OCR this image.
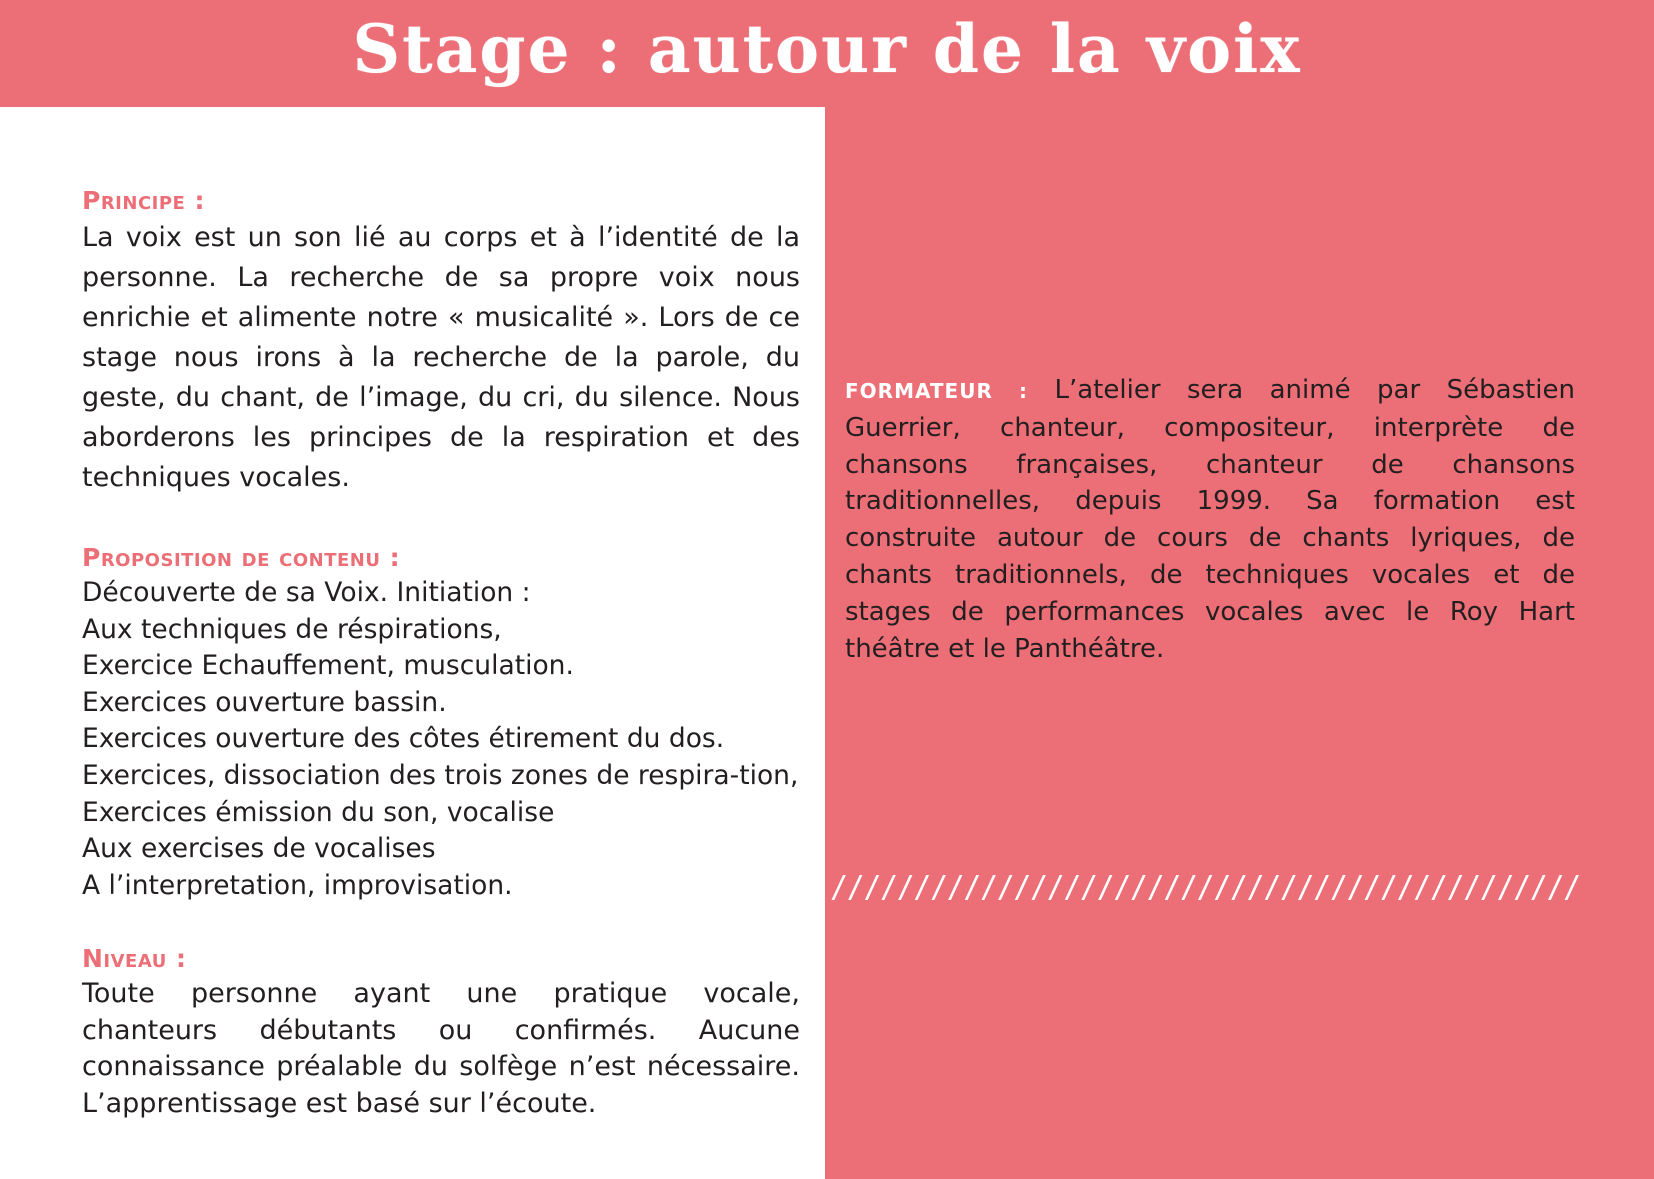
Stage : autour de la voix
Principe :

La voix est un son lié au corps et à l’identité de la personne. La recherche de sa propre voix nous enrichie et alimente notre « musicalité ». Lors de ce stage nous irons à la recherche de la parole, du geste, du chant, de l’image, du cri, du silence. Nous aborderons les principes de la respiration et des techniques vocales.

Proposition de contenu :
Découverte de sa Voix. Initiation :
Aux techniques de réspirations,
Exercice Echauffement, musculation.
Exercices ouverture bassin.
Exercices ouverture des côtes étirement du dos.
Exercices, dissociation des trois zones de respira-tion,
Exercices émission du son, vocalise
Aux exercises de vocalises
A l’interpretation, improvisation.
Niveau :

Toute personne ayant une pratique vocale, chanteurs débutants ou confirmés. Aucune connaissance préalable du solfège n’est nécessaire. L’apprentissage est basé sur l’écoute.

FORMATEUR : L’atelier sera animé par Sébastien Guerrier, chanteur, compositeur, interprète de chansons françaises, chanteur de chansons traditionnelles, depuis 1999. Sa formation est construite autour de cours de chants lyriques, de chants traditionnels, de techniques vocales et de stages de performances vocales avec le Roy Hart théâtre et le Panthéâtre.

/////////////////////////////////////////////
